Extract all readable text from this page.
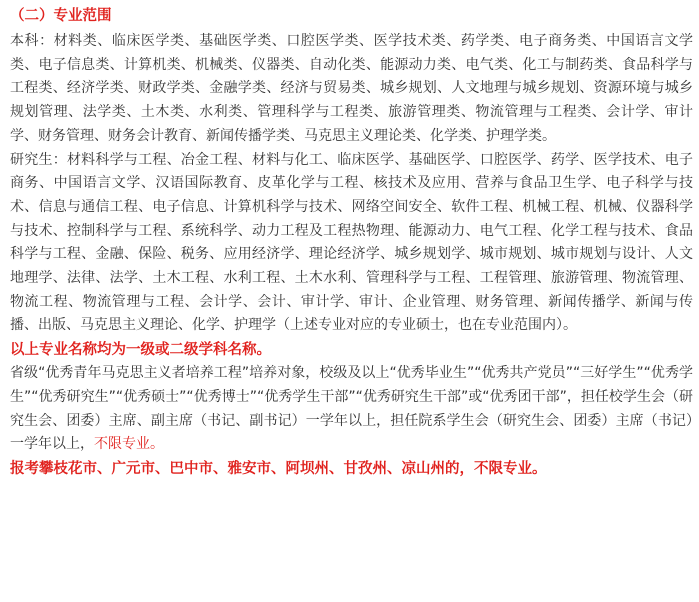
（二）专业范围

本科：材料类、临床医学类、基础医学类、口腔医学类、医学技术类、药学类、电子商务类、中国语言文学类、电子信息类、计算机类、机械类、仪器类、自动化类、能源动力类、电气类、化工与制药类、食品科学与工程类、经济学类、财政学类、金融学类、经济与贸易类、城乡规划、人文地理与城乡规划、资源环境与城乡规划管理、法学类、土木类、水利类、管理科学与工程类、旅游管理类、物流管理与工程类、会计学、审计学、财务管理、财务会计教育、新闻传播学类、马克思主义理论类、化学类、护理学类。

研究生：材料科学与工程、冶金工程、材料与化工、临床医学、基础医学、口腔医学、药学、医学技术、电子商务、中国语言文学、汉语国际教育、皮革化学与工程、核技术及应用、营养与食品卫生学、电子科学与技术、信息与通信工程、电子信息、计算机科学与技术、网络空间安全、软件工程、机械工程、机械、仪器科学与技术、控制科学与工程、系统科学、动力工程及工程热物理、能源动力、电气工程、化学工程与技术、食品科学与工程、金融、保险、税务、应用经济学、理论经济学、城乡规划学、城市规划、城市规划与设计、人文地理学、法律、法学、土木工程、水利工程、土木水利、管理科学与工程、工程管理、旅游管理、物流管理、物流工程、物流管理与工程、会计学、会计、审计学、审计、企业管理、财务管理、新闻传播学、新闻与传播、出版、马克思主义理论、化学、护理学（上述专业对应的专业硕士，也在专业范围内）。

以上专业名称均为一级或二级学科名称。

省级“优秀青年马克思主义者培养工程”培养对象，校级及以上“优秀毕业生”“优秀共产党员”“三好学生”“优秀学生”“优秀研究生”“优秀硕士”“优秀博士”“优秀学生干部”“优秀研究生干部”或“优秀团干部”，担任校学生会（研究生会、团委）主席、副主席（书记、副书记）一学年以上，担任院系学生会（研究生会、团委）主席（书记）一学年以上，不限专业。

报考攀枝花市、广元市、巴中市、雅安市、阿坝州、甘孜州、凉山州的，不限专业。
